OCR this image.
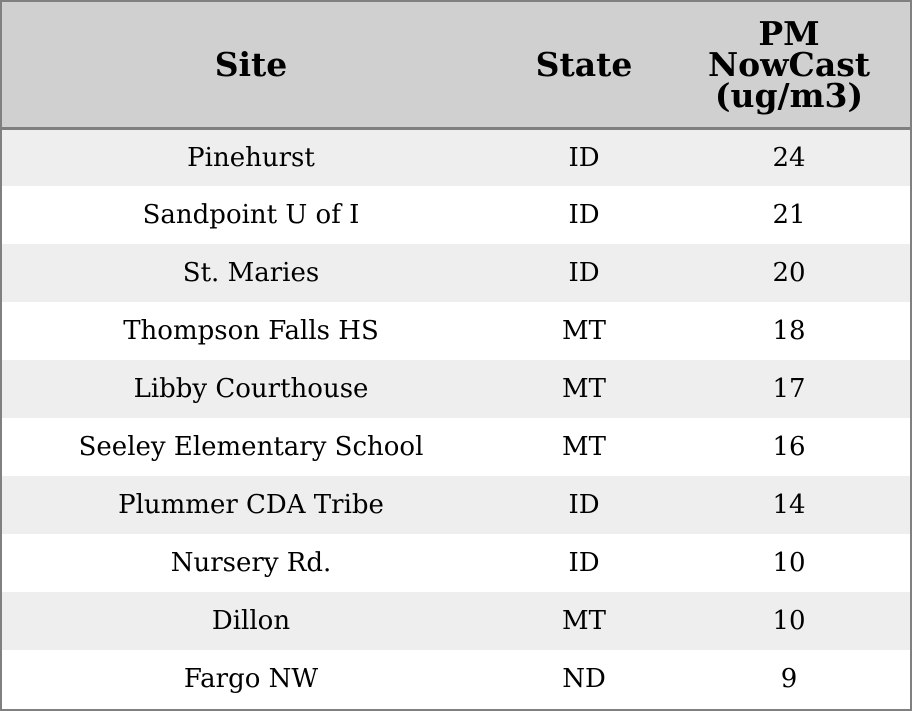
Site	State	PM
NowCast
(ug/m3)
Pinehurst	ID	24
Sandpoint U of I	ID	21
St. Maries	ID	20
Thompson Falls HS	MT	18
Libby Courthouse	MT	17
Seeley Elementary School	MT	16
Plummer CDA Tribe	ID	14
Nursery Rd.	ID	10
Dillon	MT	10
Fargo NW	ND	9
